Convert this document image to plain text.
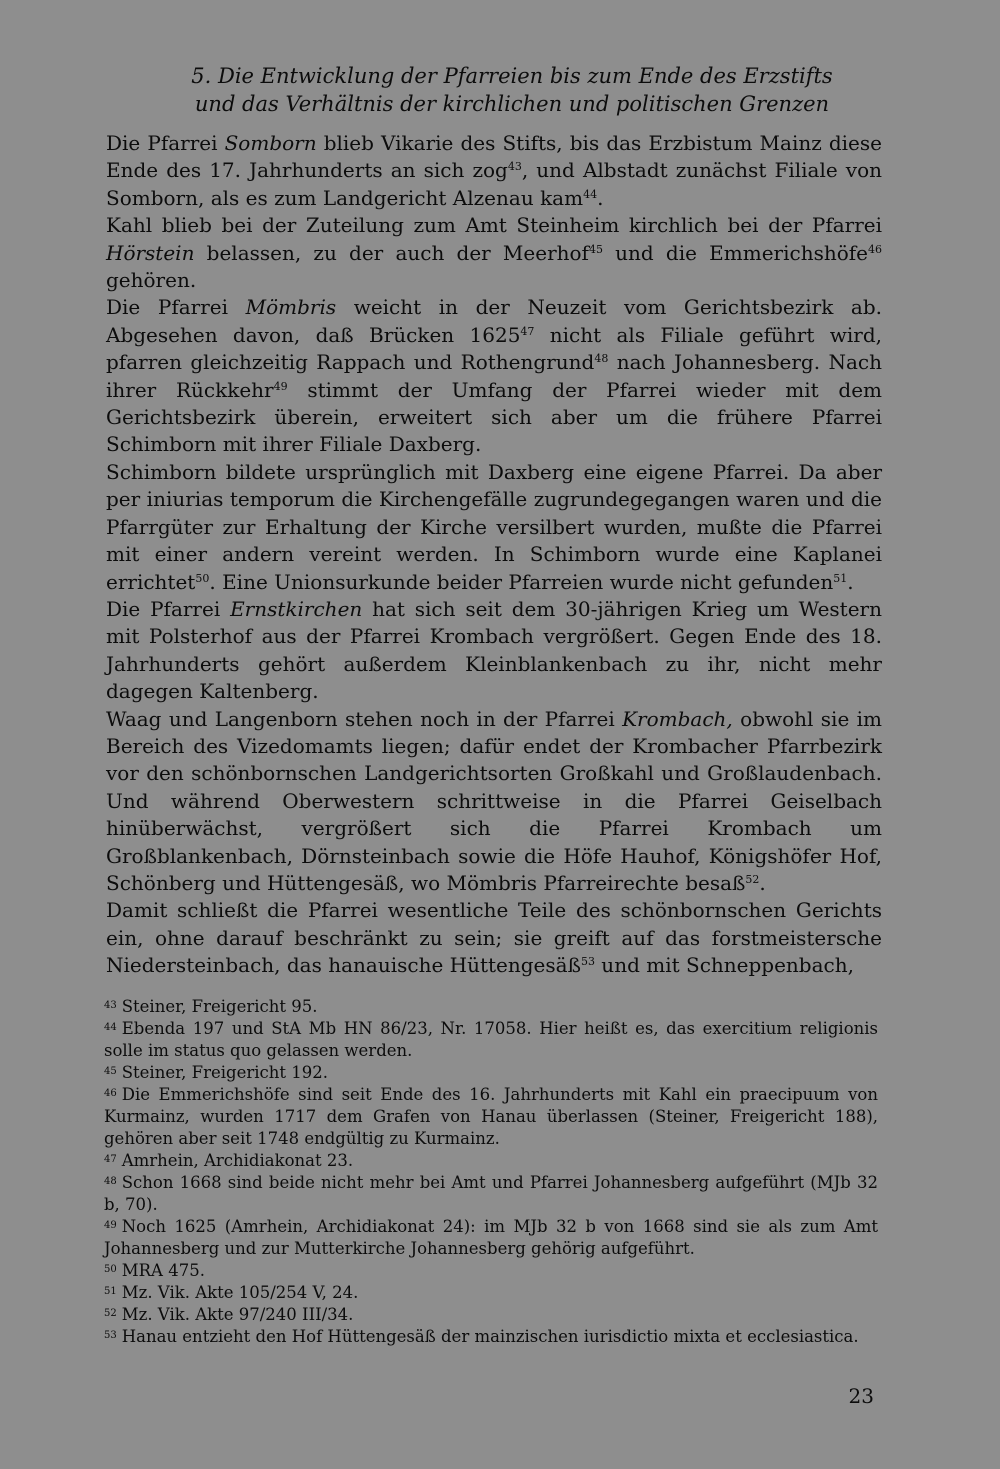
5. Die Entwicklung der Pfarreien bis zum Ende des Erzstifts

und das Verhältnis der kirchlichen und politischen Grenzen

Die Pfarrei Somborn blieb Vikarie des Stifts, bis das Erzbistum Mainz diese Ende des 17. Jahrhunderts an sich zog$^{43}$, und Albstadt zunächst Filiale von Somborn, als es zum Landgericht Alzenau kam$^{44}$.

Kahl blieb bei der Zuteilung zum Amt Steinheim kirchlich bei der Pfarrei Hörstein belassen, zu der auch der Meerhof$^{45}$ und die Emmerichshöfe$^{46}$ gehören.

Die Pfarrei Mömbris weicht in der Neuzeit vom Gerichtsbezirk ab. Abgesehen davon, daß Brücken 1625$^{47}$ nicht als Filiale geführt wird, pfarren gleichzeitig Rappach und Rothengrund$^{48}$ nach Johannesberg. Nach ihrer Rückkehr$^{49}$ stimmt der Umfang der Pfarrei wieder mit dem Gerichtsbezirk überein, erweitert sich aber um die frühere Pfarrei Schimborn mit ihrer Filiale Daxberg.

Schimborn bildete ursprünglich mit Daxberg eine eigene Pfarrei. Da aber per iniurias temporum die Kirchengefälle zugrundegegangen waren und die Pfarrgüter zur Erhaltung der Kirche versilbert wurden, mußte die Pfarrei mit einer andern vereint werden. In Schimborn wurde eine Kaplanei errichtet$^{50}$. Eine Unionsurkunde beider Pfarreien wurde nicht gefunden$^{51}$.

Die Pfarrei Ernstkirchen hat sich seit dem 30-jährigen Krieg um Western mit Polsterhof aus der Pfarrei Krombach vergrößert. Gegen Ende des 18. Jahrhunderts gehört außerdem Kleinblankenbach zu ihr, nicht mehr dagegen Kaltenberg.

Waag und Langenborn stehen noch in der Pfarrei Krombach, obwohl sie im Bereich des Vizedomamts liegen; dafür endet der Krombacher Pfarrbezirk vor den schönbornschen Landgerichtsorten Großkahl und Großlaudenbach. Und während Oberwestern schrittweise in die Pfarrei Geiselbach hinüberwächst, vergrößert sich die Pfarrei Krombach um Großblankenbach, Dörnsteinbach sowie die Höfe Hauhof, Königshöfer Hof, Schönberg und Hüttengesäß, wo Mömbris Pfarreirechte besaß$^{52}$.

Damit schließt die Pfarrei wesentliche Teile des schönbornschen Gerichts ein, ohne darauf beschränkt zu sein; sie greift auf das forstmeistersche Niedersteinbach, das hanauische Hüttengesäß$^{53}$ und mit Schneppenbach,

$^{43}$ Steiner, Freigericht 95.

$^{44}$ Ebenda 197 und StA Mb HN 86/23, Nr. 17058. Hier heißt es, das exercitium religionis solle im status quo gelassen werden.

$^{45}$ Steiner, Freigericht 192.

$^{46}$ Die Emmerichshöfe sind seit Ende des 16. Jahrhunderts mit Kahl ein praecipuum von Kurmainz, wurden 1717 dem Grafen von Hanau überlassen (Steiner, Freigericht 188), gehören aber seit 1748 endgültig zu Kurmainz.

$^{47}$ Amrhein, Archidiakonat 23.

$^{48}$ Schon 1668 sind beide nicht mehr bei Amt und Pfarrei Johannesberg aufgeführt (MJb 32 b, 70).

$^{49}$ Noch 1625 (Amrhein, Archidiakonat 24): im MJb 32 b von 1668 sind sie als zum Amt Johannesberg und zur Mutterkirche Johannesberg gehörig aufgeführt.

$^{50}$ MRA 475.

$^{51}$ Mz. Vik. Akte 105/254 V, 24.

$^{52}$ Mz. Vik. Akte 97/240 III/34.

$^{53}$ Hanau entzieht den Hof Hüttengesäß der mainzischen iurisdictio mixta et ecclesiastica.

23
